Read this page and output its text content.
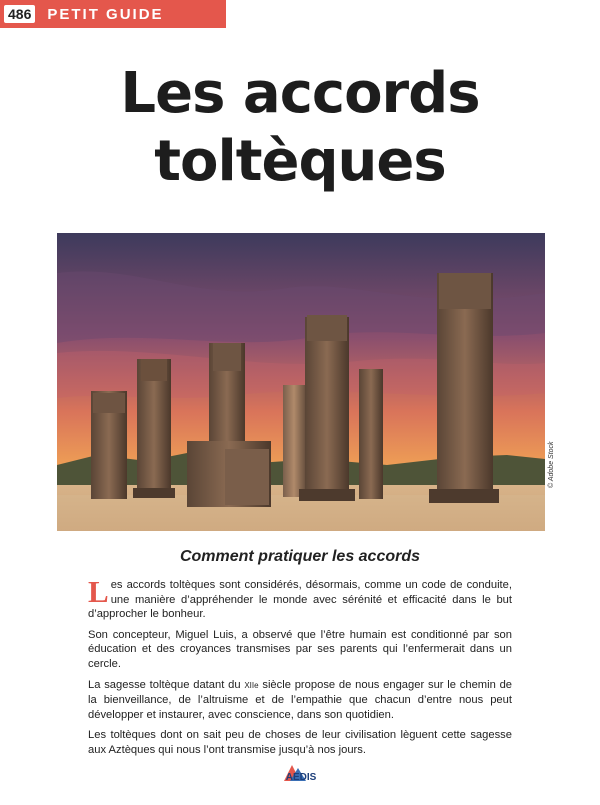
486 PETIT GUIDE
Les accords
toltèques
© Adobe Stock
Comment pratiquer les accords

Les accords toltèques sont considérés, désormais, comme un code de conduite, une manière d’appréhender le monde avec sérénité et efficacité dans le but d’approcher le bonheur.

Son concepteur, Miguel Luis, a observé que l’être humain est conditionné par son éducation et des croyances transmises par ses parents qui l’enfermerait dans un cercle.

La sagesse toltèque datant du XIIe siècle propose de nous engager sur le chemin de la bienveillance, de l’altruisme et de l’empathie que chacun d’entre nous peut développer et instaurer, avec conscience, dans son quotidien.

Les toltèques dont on sait peu de choses de leur civilisation lèguent cette sagesse aux Aztèques qui nous l’ont transmise jusqu’à nos jours.

AEDIS
